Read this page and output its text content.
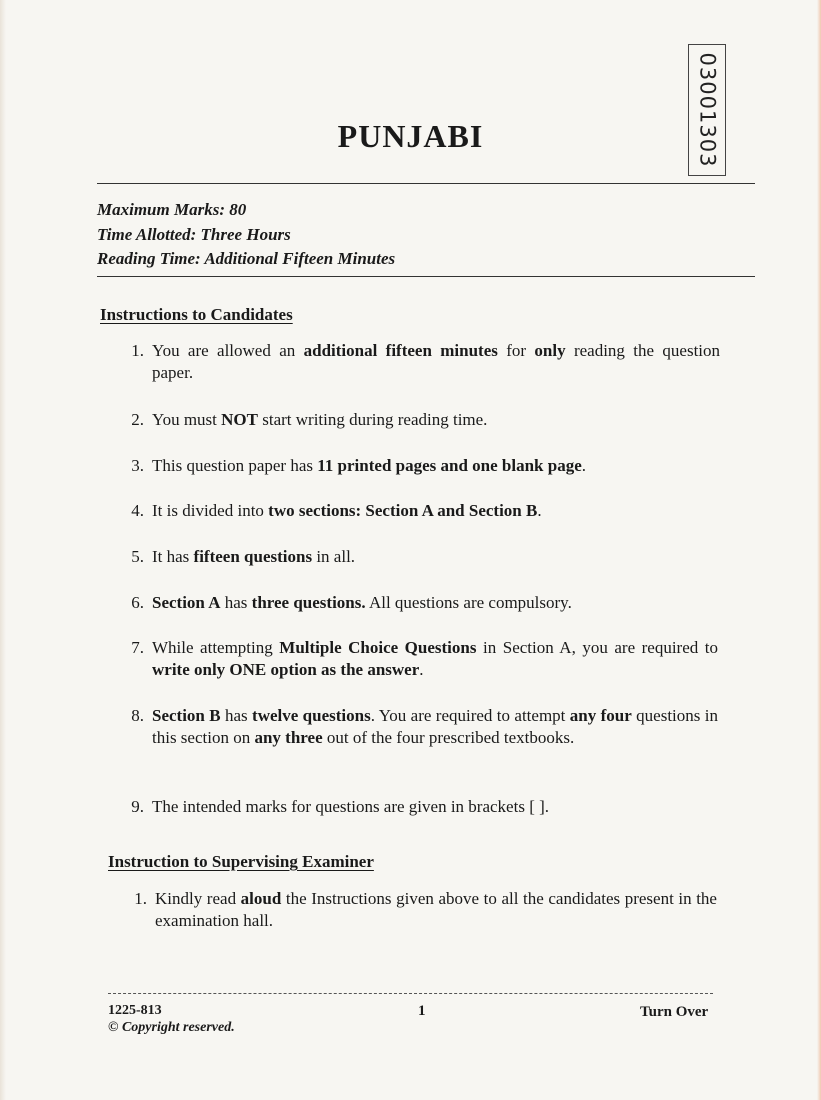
03001303
PUNJABI
Maximum Marks: 80
Time Allotted: Three Hours
Reading Time: Additional Fifteen Minutes
Instructions to Candidates
1. You are allowed an additional fifteen minutes for only reading the question paper.
2. You must NOT start writing during reading time.
3. This question paper has 11 printed pages and one blank page.
4. It is divided into two sections: Section A and Section B.
5. It has fifteen questions in all.
6. Section A has three questions. All questions are compulsory.
7. While attempting Multiple Choice Questions in Section A, you are required to write only ONE option as the answer.
8. Section B has twelve questions. You are required to attempt any four questions in this section on any three out of the four prescribed textbooks.
9. The intended marks for questions are given in brackets [ ].
Instruction to Supervising Examiner
1. Kindly read aloud the Instructions given above to all the candidates present in the examination hall.
1225-813
© Copyright reserved.
1	Turn Over
